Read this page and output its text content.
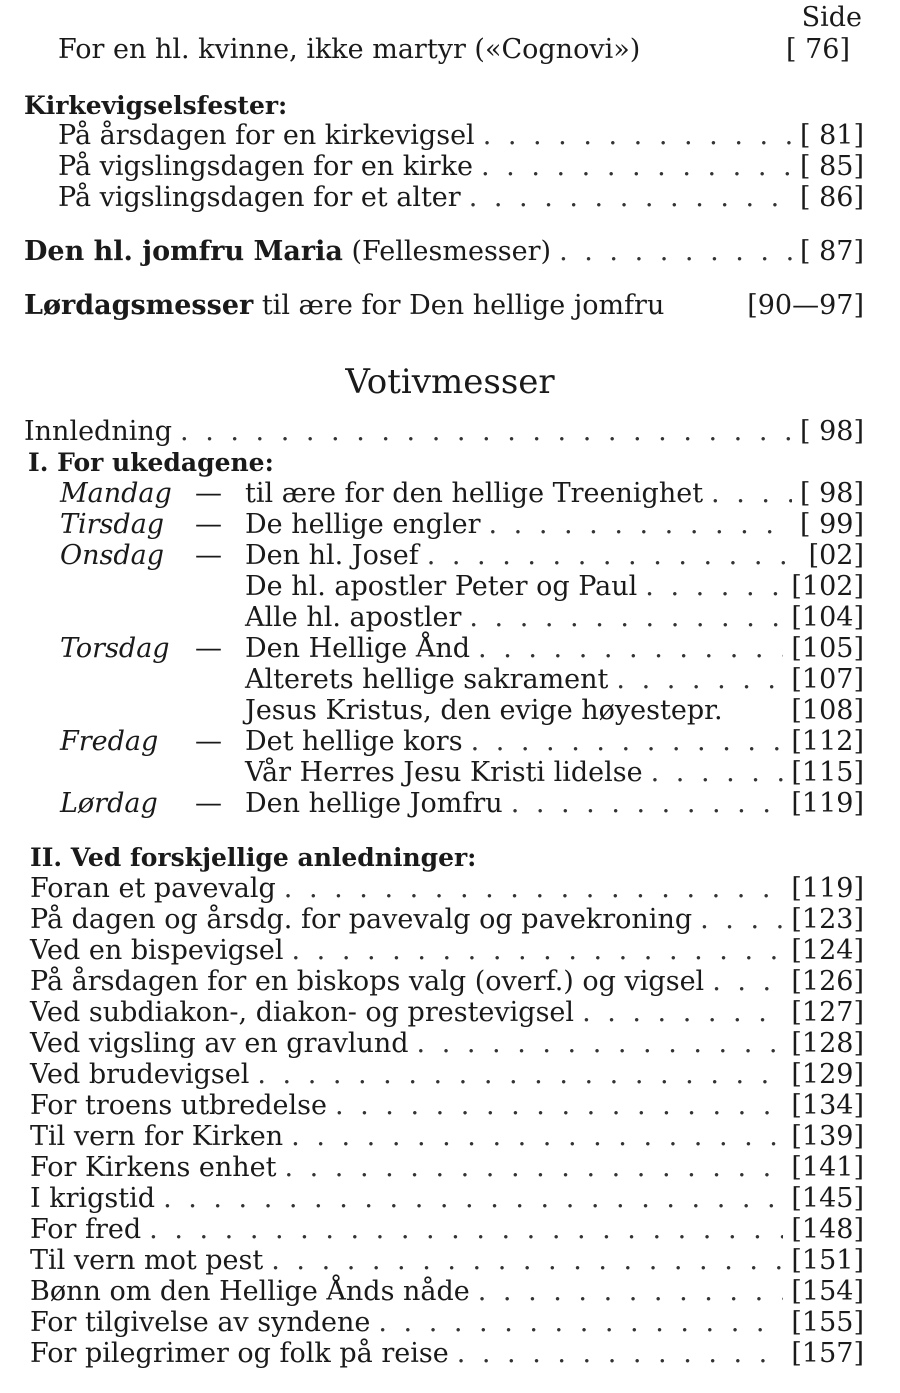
Side
For en hl. kvinne, ikke martyr («Cognovi»)	[ 76]
Kirkevigselsfester:
På årsdagen for en kirkevigsel . . .	[ 81]
På vigslingsdagen for en kirke . . .	[ 85]
På vigslingsdagen for et alter . . .	[ 86]
Den hl. jomfru Maria (Fellesmesser) . . .	[ 87]
Lørdagsmesser til ære for Den hellige jomfru	[90—97]
Votivmesser
Innledning . . .	[ 98]
I. For ukedagene:
Mandag — til ære for den hellige Treenighet . . .	[ 98]
Tirsdag	— De hellige engler . . .	[ 99]
Onsdag	— Den hl. Josef . . .	[02]
De hl. apostler Peter og Paul . . .	[102]
Alle hl. apostler . . .	[104]
Torsdag — Den Hellige Ånd . . .	[105]
Alterets hellige sakrament . . .	[107]
Jesus Kristus, den evige høyestepr.	[108]
Fredag	— Det hellige kors . . .	[112]
Vår Herres Jesu Kristi lidelse . . .	[115]
Lørdag	— Den hellige Jomfru . . .	[119]
II. Ved forskjellige anledninger:
Foran et pavevalg . . .	[119]
På dagen og årsdg. for pavevalg og pavekroning . . .	[123]
Ved en bispevigsel . . .	[124]
På årsdagen for en biskops valg (overf.) og vigsel . . .	[126]
Ved subdiakon-, diakon- og prestevigsel . . .	[127]
Ved vigsling av en gravlund . . .	[128]
Ved brudevigsel . . .	[129]
For troens utbredelse . . .	[134]
Til vern for Kirken . . .	[139]
For Kirkens enhet . . .	[141]
I krigstid . . .	[145]
For fred . . .	[148]
Til vern mot pest . . .	[151]
Bønn om den Hellige Ånds nåde . . .	[154]
For tilgivelse av syndene . . .	[155]
For pilegrimer og folk på reise . . .	[157]
